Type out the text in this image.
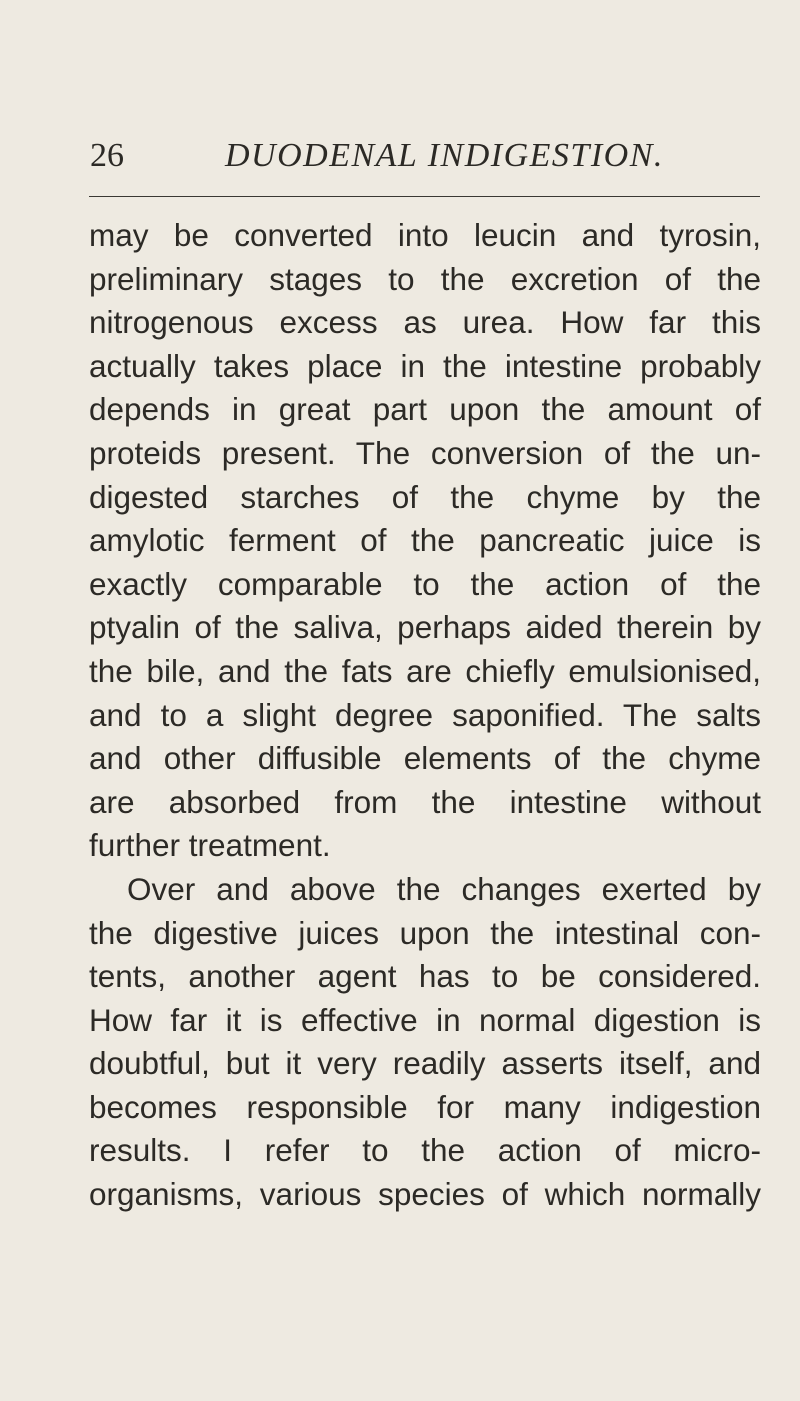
26	DUODENAL INDIGESTION.
may be converted into leucin and tyrosin,
preliminary stages to the excretion of the
nitrogenous excess as urea. How far this
actually takes place in the intestine probably
depends in great part upon the amount of
proteids present. The conversion of the un-
digested starches of the chyme by the
amylotic ferment of the pancreatic juice is
exactly comparable to the action of the
ptyalin of the saliva, perhaps aided therein by
the bile, and the fats are chiefly emulsionised,
and to a slight degree saponified. The salts
and other diffusible elements of the chyme
are absorbed from the intestine without
further treatment.
Over and above the changes exerted by
the digestive juices upon the intestinal con-
tents, another agent has to be considered.
How far it is effective in normal digestion is
doubtful, but it very readily asserts itself, and
becomes responsible for many indigestion
results. I refer to the action of micro-
organisms, various species of which normally
